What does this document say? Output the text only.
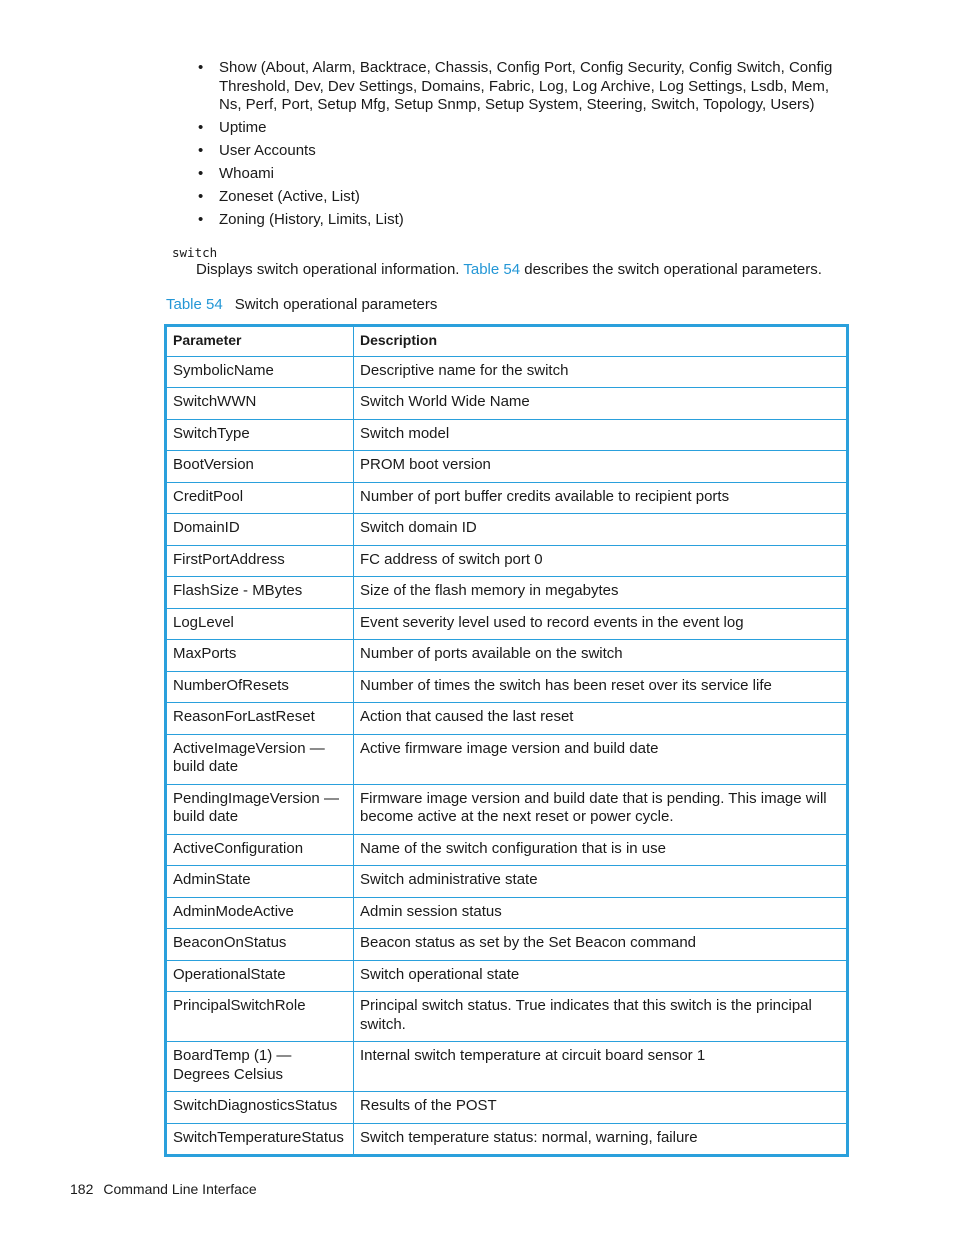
• Show (About, Alarm, Backtrace, Chassis, Config Port, Config Security, Config Switch, Config Threshold, Dev, Dev Settings, Domains, Fabric, Log, Log Archive, Log Settings, Lsdb, Mem, Ns, Perf, Port, Setup Mfg, Setup Snmp, Setup System, Steering, Switch, Topology, Users)
• Uptime
• User Accounts
• Whoami
• Zoneset (Active, List)
• Zoning (History, Limits, List)
switch
Displays switch operational information. Table 54 describes the switch operational parameters.
Table 54 Switch operational parameters
Parameter	Description
SymbolicName	Descriptive name for the switch
SwitchWWN	Switch World Wide Name
SwitchType	Switch model
BootVersion	PROM boot version
CreditPool	Number of port buffer credits available to recipient ports
DomainID	Switch domain ID
FirstPortAddress	FC address of switch port 0
FlashSize - MBytes	Size of the flash memory in megabytes
LogLevel	Event severity level used to record events in the event log
MaxPorts	Number of ports available on the switch
NumberOfResets	Number of times the switch has been reset over its service life
ReasonForLastReset	Action that caused the last reset
ActiveImageVersion — build date	Active firmware image version and build date
PendingImageVersion — build date	Firmware image version and build date that is pending. This image will become active at the next reset or power cycle.
ActiveConfiguration	Name of the switch configuration that is in use
AdminState	Switch administrative state
AdminModeActive	Admin session status
BeaconOnStatus	Beacon status as set by the Set Beacon command
OperationalState	Switch operational state
PrincipalSwitchRole	Principal switch status. True indicates that this switch is the principal switch.
BoardTemp (1) — Degrees Celsius	Internal switch temperature at circuit board sensor 1
SwitchDiagnosticsStatus	Results of the POST
SwitchTemperatureStatus	Switch temperature status: normal, warning, failure
182 Command Line Interface
